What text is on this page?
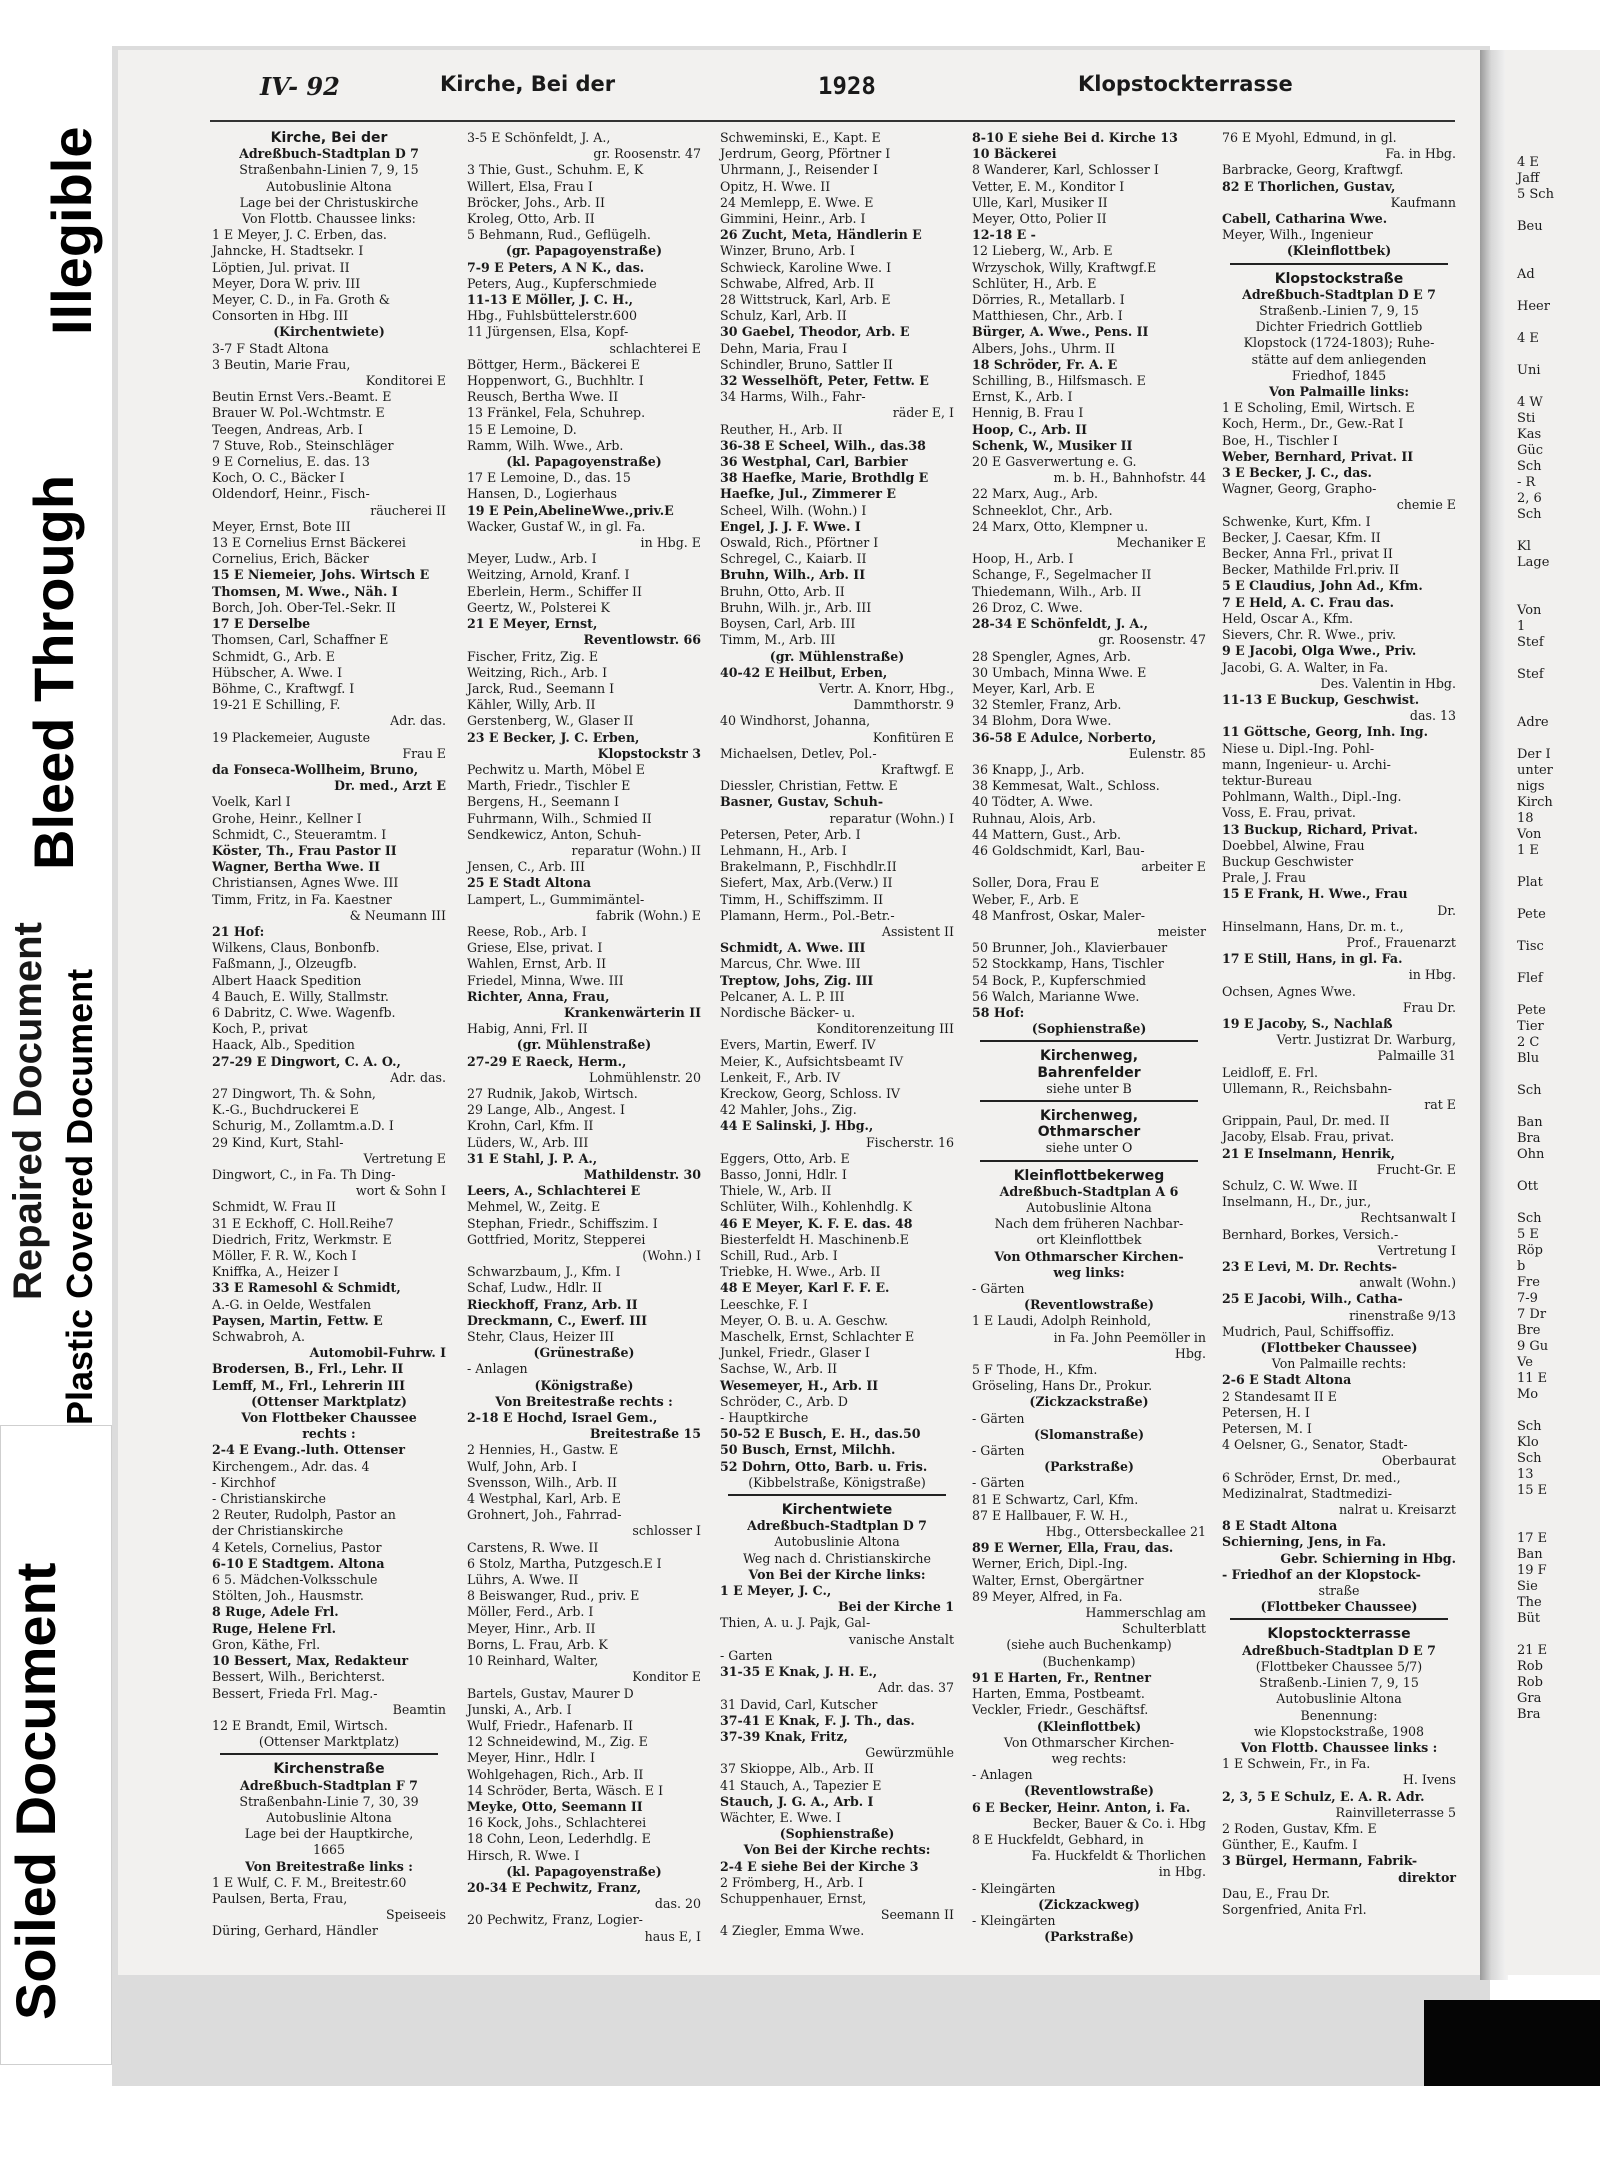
Illegible
Bleed Through
Repaired Document Plastic Covered Document
Soiled Document
4 E
Jaff
5 Sch

Beu

Ad

Heer

4 E

Uni

4 W
Sti
Kas
Güc
Sch
- R
2, 6
Sch

Kl
Lage

Von
1
Stef

Stef

Adre

Der I
unter
nigs
Kirch
18
Von
1 E

Plat

Pete

Tisc

Flef

Pete
Tier
2 C
Blu

Sch

Ban
Bra
Ohn

Ott

Sch
5 E
Röp
b
Fre
7-9
7 Dr
Bre
9 Gu
Ve
11 E
Mo

Sch
Klo
Sch
13
15 E

17 E
Ban
19 F
Sie
The
Büt

21 E
Rob
Rob
Gra
Bra
IV- 92	Kirche, Bei der	1928	Klopstockterrasse
Kirche, Bei der
Adreßbuch-Stadtplan D 7
Straßenbahn-Linien 7, 9, 15
Autobuslinie Altona
Lage bei der Christuskirche
Von Flottb. Chaussee links:
1 E Meyer, J. C. Erben, das.
Jahncke, H. Stadtsekr. I
Löptien, Jul. privat. II
Meyer, Dora W. priv. III
Meyer, C. D., in Fa. Groth &
Consorten in Hbg. III
(Kirchentwiete)
3-7 F Stadt Altona
3 Beutin, Marie Frau,
Konditorei E
Beutin Ernst Vers.-Beamt. E
Brauer W. Pol.-Wchtmstr. E
Teegen, Andreas, Arb. I
7 Stuve, Rob., Steinschläger
9 E Cornelius, E. das. 13
Koch, O. C., Bäcker I
Oldendorf, Heinr., Fisch-
räucherei II
Meyer, Ernst, Bote III
13 E Cornelius Ernst Bäckerei
Cornelius, Erich, Bäcker
15 E Niemeier, Johs. Wirtsch E
Thomsen, M. Wwe., Näh. I
Borch, Joh. Ober-Tel.-Sekr. II
17 E Derselbe
Thomsen, Carl, Schaffner E
Schmidt, G., Arb. E
Hübscher, A. Wwe. I
Böhme, C., Kraftwgf. I
19-21 E Schilling, F.
Adr. das.
19 Plackemeier, Auguste
Frau E
da Fonseca-Wollheim, Bruno,
Dr. med., Arzt E
Voelk, Karl I
Grohe, Heinr., Kellner I
Schmidt, C., Steueramtm. I
Köster, Th., Frau Pastor II
Wagner, Bertha Wwe. II
Christiansen, Agnes Wwe. III
Timm, Fritz, in Fa. Kaestner
& Neumann III
21 Hof:
Wilkens, Claus, Bonbonfb.
Faßmann, J., Olzeugfb.
Albert Haack Spedition
4 Bauch, E. Willy, Stallmstr.
6 Dabritz, C. Wwe. Wagenfb.
Koch, P., privat
Haack, Alb., Spedition
27-29 E Dingwort, C. A. O.,
Adr. das.
27 Dingwort, Th. & Sohn,
K.-G., Buchdruckerei E
Schurig, M., Zollamtm.a.D. I
29 Kind, Kurt, Stahl-
Vertretung E
Dingwort, C., in Fa. Th Ding-
wort & Sohn I
Schmidt, W. Frau II
31 E Eckhoff, C. Holl.Reihe7
Diedrich, Fritz, Werkmstr. E
Möller, F. R. W., Koch I
Kniffka, A., Heizer I
33 E Ramesohl & Schmidt,
A.-G. in Oelde, Westfalen
Paysen, Martin, Fettw. E
Schwabroh, A.
Automobil-Fuhrw. I
Brodersen, B., Frl., Lehr. II
Lemff, M., Frl., Lehrerin III
(Ottenser Marktplatz)
Von Flottbeker Chaussee
rechts :
2-4 E Evang.-luth. Ottenser
Kirchengem., Adr. das. 4
- Kirchhof
- Christianskirche
2 Reuter, Rudolph, Pastor an
der Christianskirche
4 Ketels, Cornelius, Pastor
6-10 E Stadtgem. Altona
6 5. Mädchen-Volksschule
Stölten, Joh., Hausmstr.
8 Ruge, Adele Frl.
Ruge, Helene Frl.
Gron, Käthe, Frl.
10 Bessert, Max, Redakteur
Bessert, Wilh., Berichterst.
Bessert, Frieda Frl. Mag.-
Beamtin
12 E Brandt, Emil, Wirtsch.
(Ottenser Marktplatz)
Kirchenstraße
Adreßbuch-Stadtplan F 7
Straßenbahn-Linie 7, 30, 39
Autobuslinie Altona
Lage bei der Hauptkirche,
1665
Von Breitestraße links :
1 E Wulf, C. F. M., Breitestr.60
Paulsen, Berta, Frau,
Speiseeis
Düring, Gerhard, Händler
3-5 E Schönfeldt, J. A.,
gr. Roosenstr. 47
3 Thie, Gust., Schuhm. E, K
Willert, Elsa, Frau I
Bröcker, Johs., Arb. II
Kroleg, Otto, Arb. II
5 Behmann, Rud., Geflügelh.
(gr. Papagoyenstraße)
7-9 E Peters, A N K., das.
Peters, Aug., Kupferschmiede
11-13 E Möller, J. C. H.,
Hbg., Fuhlsbüttelerstr.600
11 Jürgensen, Elsa, Kopf-
schlachterei E
Böttger, Herm., Bäckerei E
Hoppenwort, G., Buchhltr. I
Reusch, Bertha Wwe. II
13 Fränkel, Fela, Schuhrep.
15 E Lemoine, D.
Ramm, Wilh. Wwe., Arb.
(kl. Papagoyenstraße)
17 E Lemoine, D., das. 15
Hansen, D., Logierhaus
19 E Pein,AbelineWwe.,priv.E
Wacker, Gustaf W., in gl. Fa.
in Hbg. E
Meyer, Ludw., Arb. I
Weitzing, Arnold, Kranf. I
Eberlein, Herm., Schiffer II
Geertz, W., Polsterei K
21 E Meyer, Ernst,
Reventlowstr. 66
Fischer, Fritz, Zig. E
Weitzing, Rich., Arb. I
Jarck, Rud., Seemann I
Kähler, Willy, Arb. II
Gerstenberg, W., Glaser II
23 E Becker, J. C. Erben,
Klopstockstr 3
Pechwitz u. Marth, Möbel E
Marth, Friedr., Tischler E
Bergens, H., Seemann I
Fuhrmann, Wilh., Schmied II
Sendkewicz, Anton, Schuh-
reparatur (Wohn.) II
Jensen, C., Arb. III
25 E Stadt Altona
Lampert, L., Gummimäntel-
fabrik (Wohn.) E
Reese, Rob., Arb. I
Griese, Else, privat. I
Wahlen, Ernst, Arb. II
Friedel, Minna, Wwe. III
Richter, Anna, Frau,
Krankenwärterin II
Habig, Anni, Frl. II
(gr. Mühlenstraße)
27-29 E Raeck, Herm.,
Lohmühlenstr. 20
27 Rudnik, Jakob, Wirtsch.
29 Lange, Alb., Angest. I
Krohn, Carl, Kfm. II
Lüders, W., Arb. III
31 E Stahl, J. P. A.,
Mathildenstr. 30
Leers, A., Schlachterei E
Mehmel, W., Zeitg. E
Stephan, Friedr., Schiffszim. I
Gottfried, Moritz, Stepperei
(Wohn.) I
Schwarzbaum, J., Kfm. I
Schaf, Ludw., Hdlr. II
Rieckhoff, Franz, Arb. II
Dreckmann, C., Ewerf. III
Stehr, Claus, Heizer III
(Grünestraße)
- Anlagen
(Königstraße)
Von Breitestraße rechts :
2-18 E Hochd, Israel Gem.,
Breitestraße 15
2 Hennies, H., Gastw. E
Wulf, John, Arb. I
Svensson, Wilh., Arb. II
4 Westphal, Karl, Arb. E
Grohnert, Joh., Fahrrad-
schlosser I
Carstens, R. Wwe. II
6 Stolz, Martha, Putzgesch.E I
Lührs, A. Wwe. II
8 Beiswanger, Rud., priv. E
Möller, Ferd., Arb. I
Meyer, Hinr., Arb. II
Borns, L. Frau, Arb. K
10 Reinhard, Walter,
Konditor E
Bartels, Gustav, Maurer D
Junski, A., Arb. I
Wulf, Friedr., Hafenarb. II
12 Schneidewind, M., Zig. E
Meyer, Hinr., Hdlr. I
Wohlgehagen, Rich., Arb. II
14 Schröder, Berta, Wäsch. E I
Meyke, Otto, Seemann II
16 Kock, Johs., Schlachterei
18 Cohn, Leon, Lederhdlg. E
Hirsch, R. Wwe. I
(kl. Papagoyenstraße)
20-34 E Pechwitz, Franz,
das. 20
20 Pechwitz, Franz, Logier-
haus E, I
Schweminski, E., Kapt. E
Jerdrum, Georg, Pförtner I
Uhrmann, J., Reisender I
Opitz, H. Wwe. II
24 Memlepp, E. Wwe. E
Gimmini, Heinr., Arb. I
26 Zucht, Meta, Händlerin E
Winzer, Bruno, Arb. I
Schwieck, Karoline Wwe. I
Schwabe, Alfred, Arb. II
28 Wittstruck, Karl, Arb. E
Schulz, Karl, Arb. II
30 Gaebel, Theodor, Arb. E
Dehn, Maria, Frau I
Schindler, Bruno, Sattler II
32 Wesselhöft, Peter, Fettw. E
34 Harms, Wilh., Fahr-
räder E, I
Reuther, H., Arb. II
36-38 E Scheel, Wilh., das.38
36 Westphal, Carl, Barbier
38 Haefke, Marie, Brothdlg E
Haefke, Jul., Zimmerer E
Scheel, Wilh. (Wohn.) I
Engel, J. J. F. Wwe. I
Oswald, Rich., Pförtner I
Schregel, C., Kaiarb. II
Bruhn, Wilh., Arb. II
Bruhn, Otto, Arb. II
Bruhn, Wilh. jr., Arb. III
Boysen, Carl, Arb. III
Timm, M., Arb. III
(gr. Mühlenstraße)
40-42 E Heilbut, Erben,
Vertr. A. Knorr, Hbg.,
Dammthorstr. 9
40 Windhorst, Johanna,
Konfitüren E
Michaelsen, Detlev, Pol.-
Kraftwgf. E
Diessler, Christian, Fettw. E
Basner, Gustav, Schuh-
reparatur (Wohn.) I
Petersen, Peter, Arb. I
Lehmann, H., Arb. I
Brakelmann, P., Fischhdlr.II
Siefert, Max, Arb.(Verw.) II
Timm, H., Schiffszimm. II
Plamann, Herm., Pol.-Betr.-
Assistent II
Schmidt, A. Wwe. III
Marcus, Chr. Wwe. III
Treptow, Johs, Zig. III
Pelcaner, A. L. P. III
Nordische Bäcker- u.
Konditorenzeitung III
Evers, Martin, Ewerf. IV
Meier, K., Aufsichtsbeamt IV
Lenkeit, F., Arb. IV
Kreckow, Georg, Schloss. IV
42 Mahler, Johs., Zig.
44 E Salinski, J. Hbg.,
Fischerstr. 16
Eggers, Otto, Arb. E
Basso, Jonni, Hdlr. I
Thiele, W., Arb. II
Schlüter, Wilh., Kohlenhdlg. K
46 E Meyer, K. F. E. das. 48
Biesterfeldt H. Maschinenb.E
Schill, Rud., Arb. I
Triebke, H. Wwe., Arb. II
48 E Meyer, Karl F. F. E.
Leeschke, F. I
Meyer, O. B. u. A. Geschw.
Maschelk, Ernst, Schlachter E
Junkel, Friedr., Glaser I
Sachse, W., Arb. II
Wesemeyer, H., Arb. II
Schröder, C., Arb. D
- Hauptkirche
50-52 E Busch, E. H., das.50
50 Busch, Ernst, Milchh.
52 Dohrn, Otto, Barb. u. Fris.
(Kibbelstraße, Königstraße)
Kirchentwiete
Adreßbuch-Stadtplan D 7
Autobuslinie Altona
Weg nach d. Christianskirche
Von Bei der Kirche links:
1 E Meyer, J. C.,
Bei der Kirche 1
Thien, A. u. J. Pajk, Gal-
vanische Anstalt
- Garten
31-35 E Knak, J. H. E.,
Adr. das. 37
31 David, Carl, Kutscher
37-41 E Knak, F. J. Th., das.
37-39 Knak, Fritz,
Gewürzmühle
37 Skioppe, Alb., Arb. II
41 Stauch, A., Tapezier E
Stauch, J. G. A., Arb. I
Wächter, E. Wwe. I
(Sophienstraße)
Von Bei der Kirche rechts:
2-4 E siehe Bei der Kirche 3
2 Frömberg, H., Arb. I
Schuppenhauer, Ernst,
Seemann II
4 Ziegler, Emma Wwe.
8-10 E siehe Bei d. Kirche 13
10 Bäckerei
8 Wanderer, Karl, Schlosser I
Vetter, E. M., Konditor I
Ulle, Karl, Musiker II
Meyer, Otto, Polier II
12-18 E -
12 Lieberg, W., Arb. E
Wrzyschok, Willy, Kraftwgf.E
Schlüter, H., Arb. E
Dörries, R., Metallarb. I
Matthiesen, Chr., Arb. I
Bürger, A. Wwe., Pens. II
Albers, Johs., Uhrm. II
18 Schröder, Fr. A. E
Schilling, B., Hilfsmasch. E
Ernst, K., Arb. I
Hennig, B. Frau I
Hoop, C., Arb. II
Schenk, W., Musiker II
20 E Gasverwertung e. G.
m. b. H., Bahnhofstr. 44
22 Marx, Aug., Arb.
Schneeklot, Chr., Arb.
24 Marx, Otto, Klempner u.
Mechaniker E
Hoop, H., Arb. I
Schange, F., Segelmacher II
Thiedemann, Wilh., Arb. II
26 Droz, C. Wwe.
28-34 E Schönfeldt, J. A.,
gr. Roosenstr. 47
28 Spengler, Agnes, Arb.
30 Umbach, Minna Wwe. E
Meyer, Karl, Arb. E
32 Stemler, Franz, Arb.
34 Blohm, Dora Wwe.
36-58 E Adulce, Norberto,
Eulenstr. 85
36 Knapp, J., Arb.
38 Kemmesat, Walt., Schloss.
40 Tödter, A. Wwe.
Ruhnau, Alois, Arb.
44 Mattern, Gust., Arb.
46 Goldschmidt, Karl, Bau-
arbeiter E
Soller, Dora, Frau E
Weber, F., Arb. E
48 Manfrost, Oskar, Maler-
meister
50 Brunner, Joh., Klavierbauer
52 Stockkamp, Hans, Tischler
54 Bock, P., Kupferschmied
56 Walch, Marianne Wwe.
58 Hof:
(Sophienstraße)
Kirchenweg,
Bahrenfelder
siehe unter B
Kirchenweg,
Othmarscher
siehe unter O
Kleinflottbekerweg
Adreßbuch-Stadtplan A 6
Autobuslinie Altona
Nach dem früheren Nachbar-
ort Kleinflottbek
Von Othmarscher Kirchen-
weg links:
- Gärten
(Reventlowstraße)
1 E Laudi, Adolph Reinhold,
in Fa. John Peemöller in
Hbg.
5 F Thode, H., Kfm.
Gröseling, Hans Dr., Prokur.
(Zickzackstraße)
- Gärten
(Slomanstraße)
- Gärten
(Parkstraße)
- Gärten
81 E Schwartz, Carl, Kfm.
87 E Hallbauer, F. W. H.,
Hbg., Ottersbeckallee 21
89 E Werner, Ella, Frau, das.
Werner, Erich, Dipl.-Ing.
Walter, Ernst, Obergärtner
89 Meyer, Alfred, in Fa.
Hammerschlag am
Schulterblatt
(siehe auch Buchenkamp)
(Buchenkamp)
91 E Harten, Fr., Rentner
Harten, Emma, Postbeamt.
Veckler, Friedr., Geschäftsf.
(Kleinflottbek)
Von Othmarscher Kirchen-
weg rechts:
- Anlagen
(Reventlowstraße)
6 E Becker, Heinr. Anton, i. Fa.
Becker, Bauer & Co. i. Hbg
8 E Huckfeldt, Gebhard, in
Fa. Huckfeldt & Thorlichen
in Hbg.
- Kleingärten
(Zickzackweg)
- Kleingärten
(Parkstraße)
76 E Myohl, Edmund, in gl.
Fa. in Hbg.
Barbracke, Georg, Kraftwgf.
82 E Thorlichen, Gustav,
Kaufmann
Cabell, Catharina Wwe.
Meyer, Wilh., Ingenieur
(Kleinflottbek)
Klopstockstraße
Adreßbuch-Stadtplan D E 7
Straßenb.-Linien 7, 9, 15
Dichter Friedrich Gottlieb
Klopstock (1724-1803); Ruhe-
stätte auf dem anliegenden
Friedhof, 1845
Von Palmaille links:
1 E Scholing, Emil, Wirtsch. E
Koch, Herm., Dr., Gew.-Rat I
Boe, H., Tischler I
Weber, Bernhard, Privat. II
3 E Becker, J. C., das.
Wagner, Georg, Grapho-
chemie E
Schwenke, Kurt, Kfm. I
Becker, J. Caesar, Kfm. II
Becker, Anna Frl., privat II
Becker, Mathilde Frl.priv. II
5 E Claudius, John Ad., Kfm.
7 E Held, A. C. Frau das.
Held, Oscar A., Kfm.
Sievers, Chr. R. Wwe., priv.
9 E Jacobi, Olga Wwe., Priv.
Jacobi, G. A. Walter, in Fa.
Des. Valentin in Hbg.
11-13 E Buckup, Geschwist.
das. 13
11 Göttsche, Georg, Inh. Ing.
Niese u. Dipl.-Ing. Pohl-
mann, Ingenieur- u. Archi-
tektur-Bureau
Pohlmann, Walth., Dipl.-Ing.
Voss, E. Frau, privat.
13 Buckup, Richard, Privat.
Doebbel, Alwine, Frau
Buckup Geschwister
Prale, J. Frau
15 E Frank, H. Wwe., Frau
Dr.
Hinselmann, Hans, Dr. m. t.,
Prof., Frauenarzt
17 E Still, Hans, in gl. Fa.
in Hbg.
Ochsen, Agnes Wwe.
Frau Dr.
19 E Jacoby, S., Nachlaß
Vertr. Justizrat Dr. Warburg,
Palmaille 31
Leidloff, E. Frl.
Ullemann, R., Reichsbahn-
rat E
Grippain, Paul, Dr. med. II
Jacoby, Elsab. Frau, privat.
21 E Inselmann, Henrik,
Frucht-Gr. E
Schulz, C. W. Wwe. II
Inselmann, H., Dr., jur.,
Rechtsanwalt I
Bernhard, Borkes, Versich.-
Vertretung I
23 E Levi, M. Dr. Rechts-
anwalt (Wohn.)
25 E Jacobi, Wilh., Catha-
rinenstraße 9/13
Mudrich, Paul, Schiffsoffiz.
(Flottbeker Chaussee)
Von Palmaille rechts:
2-6 E Stadt Altona
2 Standesamt II E
Petersen, H. I
Petersen, M. I
4 Oelsner, G., Senator, Stadt-
Oberbaurat
6 Schröder, Ernst, Dr. med.,
Medizinalrat, Stadtmedizi-
nalrat u. Kreisarzt
8 E Stadt Altona
Schierning, Jens, in Fa.
Gebr. Schierning in Hbg.
- Friedhof an der Klopstock-
straße
(Flottbeker Chaussee)
Klopstockterrasse
Adreßbuch-Stadtplan D E 7
(Flottbeker Chaussee 5/7)
Straßenb.-Linien 7, 9, 15
Autobuslinie Altona
Benennung:
wie Klopstockstraße, 1908
Von Flottb. Chaussee links :
1 E Schwein, Fr., in Fa.
H. Ivens
2, 3, 5 E Schulz, E. A. R. Adr.
Rainvilleterrasse 5
2 Roden, Gustav, Kfm. E
Günther, E., Kaufm. I
3 Bürgel, Hermann, Fabrik-
direktor
Dau, E., Frau Dr.
Sorgenfried, Anita Frl.
